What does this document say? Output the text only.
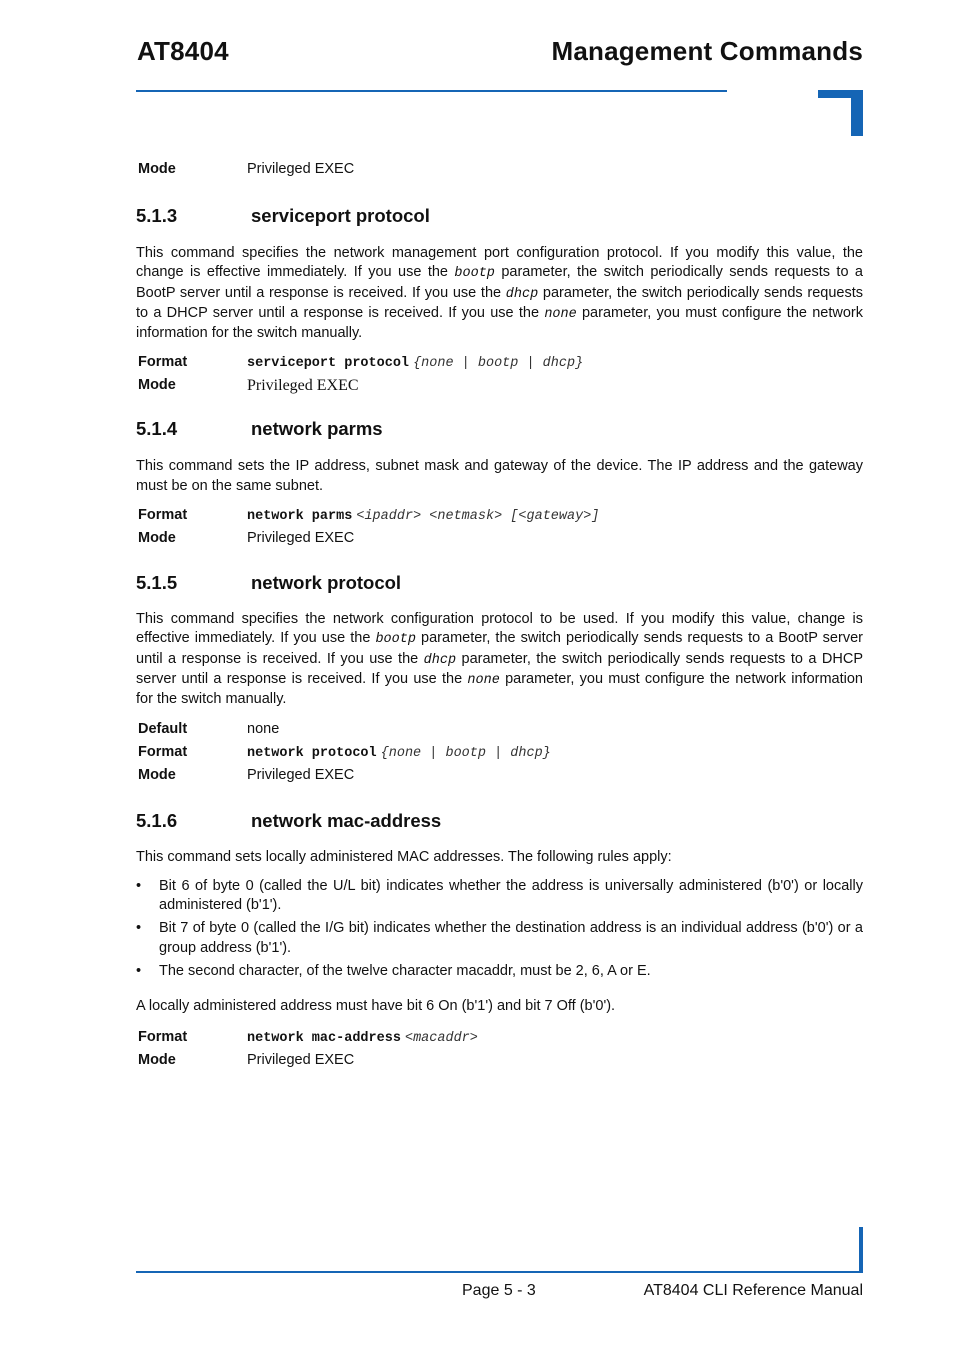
AT8404	Management Commands
Mode	Privileged EXEC
5.1.3	serviceport protocol

This command specifies the network management port configuration protocol. If you modify this value, the change is effective immediately. If you use the bootp parameter, the switch periodically sends requests to a BootP server until a response is received. If you use the dhcp parameter, the switch periodically sends requests to a DHCP server until a response is received. If you use the none parameter, you must configure the network information for the switch manually.

Format	serviceport protocol {none | bootp | dhcp}
Mode	Privileged EXEC
5.1.4	network parms

This command sets the IP address, subnet mask and gateway of the device. The IP address and the gateway must be on the same subnet.

Format	network parms <ipaddr> <netmask> [<gateway>]
Mode	Privileged EXEC
5.1.5	network protocol

This command specifies the network configuration protocol to be used. If you modify this value, change is effective immediately. If you use the bootp parameter, the switch periodically sends requests to a BootP server until a response is received. If you use the dhcp parameter, the switch periodically sends requests to a DHCP server until a response is received. If you use the none parameter, you must configure the network information for the switch manually.

Default	none
Format	network protocol {none | bootp | dhcp}
Mode	Privileged EXEC
5.1.6	network mac-address

This command sets locally administered MAC addresses. The following rules apply:

• Bit 6 of byte 0 (called the U/L bit) indicates whether the address is universally administered (b'0') or locally administered (b'1').
• Bit 7 of byte 0 (called the I/G bit) indicates whether the destination address is an individual address (b'0') or a group address (b'1').
• The second character, of the twelve character macaddr, must be 2, 6, A or E.

A locally administered address must have bit 6 On (b'1') and bit 7 Off (b'0').

Format	network mac-address <macaddr>
Mode	Privileged EXEC
Page 5 - 3	AT8404 CLI Reference Manual
